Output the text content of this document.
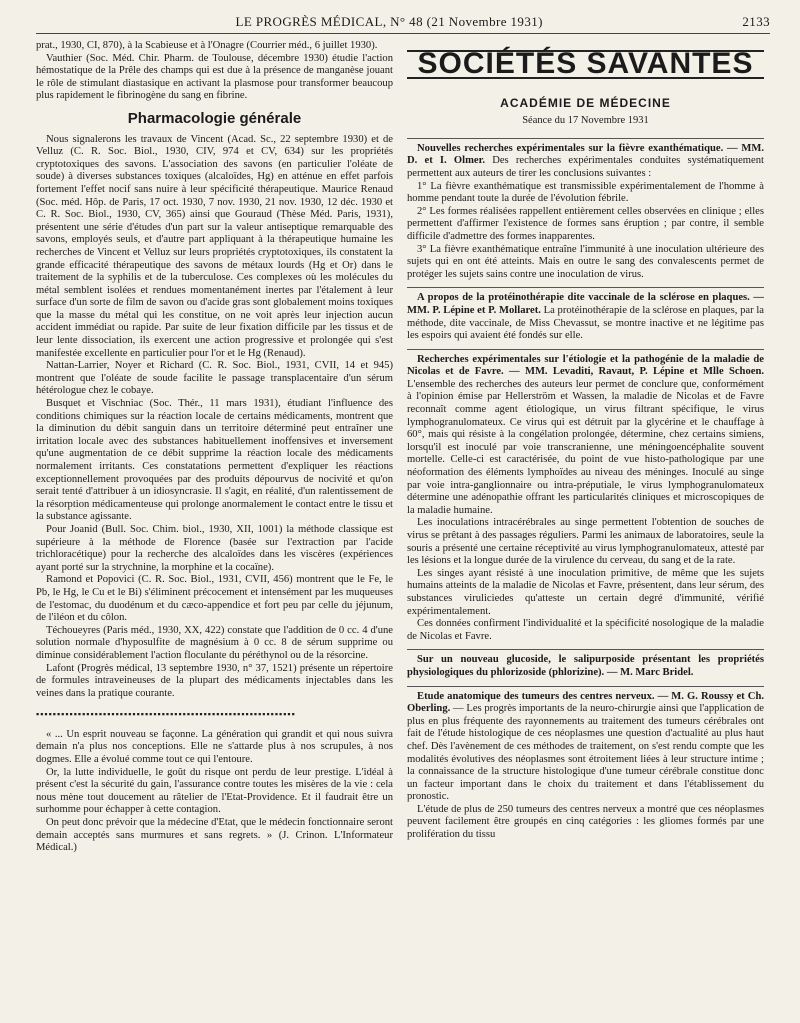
LE PROGRÈS MÉDICAL, N° 48 (21 Novembre 1931)	2133

prat., 1930, CI, 870), à la Scabieuse et à l'Onagre (Courrier méd., 6 juillet 1930).

Vauthier (Soc. Méd. Chir. Pharm. de Toulouse, décembre 1930) étudie l'action hémostatique de la Prêle des champs qui est due à la présence de manganèse jouant le rôle de stimulant diastasique en activant la plasmose pour transformer beaucoup plus rapidement le fibrinogène du sang en fibrine.

Pharmacologie générale

Nous signalerons les travaux de Vincent (Acad. Sc., 22 septembre 1930) et de Velluz (C. R. Soc. Biol., 1930, CIV, 974 et CV, 634) sur les propriétés cryptotoxiques des savons. L'association des savons (en particulier l'oléate de soude) à diverses substances toxiques (alcaloïdes, Hg) en atténue en effet parfois fortement l'effet nocif sans nuire à leur spécificité thérapeutique. Maurice Renaud (Soc. méd. Hôp. de Paris, 17 oct. 1930, 7 nov. 1930, 21 nov. 1930, 12 déc. 1930 et C. R. Soc. Biol., 1930, CV, 365) ainsi que Gouraud (Thèse Méd. Paris, 1931), présentent une série d'études d'un part sur la valeur antiseptique remarquable des savons, employés seuls, et d'autre part appliquant à la thérapeutique humaine les recherches de Vincent et Velluz sur leurs propriétés cryptotoxiques, ils constatent la grande efficacité thérapeutique des savons de métaux lourds (Hg et Or) dans le traitement de la syphilis et de la tuberculose. Ces complexes où les molécules du métal semblent isolées et rendues momentanément inertes par l'étalement à leur surface d'un sorte de film de savon ou d'acide gras sont globalement moins toxiques que la masse du métal qui les constitue, on ne voit après leur injection aucun accident immédiat ou rapide. Par suite de leur fixation difficile par les tissus et de leur lente dissociation, ils exercent une action progressive et prolongée qui s'est manifestée excellente en particulier pour l'or et le Hg (Renaud).

Nattan-Larrier, Noyer et Richard (C. R. Soc. Biol., 1931, CVII, 14 et 945) montrent que l'oléate de soude facilite le passage transplacentaire d'un sérum hétérologue chez le cobaye.

Busquet et Vischniac (Soc. Thér., 11 mars 1931), étudiant l'influence des conditions chimiques sur la réaction locale de certains médicaments, montrent que la diminution du débit sanguin dans un territoire déterminé peut entraîner une irritation locale avec des substances habituellement inoffensives et inversement qu'une augmentation de ce débit supprime la réaction locale des médicaments normalement irritants. Ces constatations permettent d'expliquer les réactions exceptionnellement provoquées par des produits dépourvus de nocivité et qu'on serait tenté d'attribuer à un idiosyncrasie. Il s'agit, en réalité, d'un ralentissement de la résorption médicamenteuse qui prolonge anormalement le contact entre le tissu et la substance agissante.

Pour Joanid (Bull. Soc. Chim. biol., 1930, XII, 1001) la méthode classique est supérieure à la méthode de Florence (basée sur l'extraction par l'acide trichloracétique) pour la recherche des alcaloïdes dans les viscères (expériences ayant porté sur la strychnine, la morphine et la cocaïne).

Ramond et Popovici (C. R. Soc. Biol., 1931, CVII, 456) montrent que le Fe, le Pb, le Hg, le Cu et le Bi) s'éliminent précocement et intensément par les muqueuses de l'estomac, du duodénum et du cæco-appendice et fort peu par celle du jéjunum, de l'iléon et du côlon.

Téchoueyres (Paris méd., 1930, XX, 422) constate que l'addition de 0 cc. 4 d'une solution normale d'hyposulfite de magnésium à 0 cc. 8 de sérum supprime ou diminue considérablement l'action floculante du péréthynol ou de la résorcine.

Lafont (Progrès médical, 13 septembre 1930, n° 37, 1521) présente un répertoire de formules intraveineuses de la plupart des médicaments injectables dans les veines dans la pratique courante.

▪▪▪▪▪▪▪▪▪▪▪▪▪▪▪▪▪▪▪▪▪▪▪▪▪▪▪▪▪▪▪▪▪▪▪▪▪▪▪▪▪▪▪▪▪▪▪▪▪▪▪▪▪▪▪▪▪▪▪▪▪▪

« ... Un esprit nouveau se façonne. La génération qui grandit et qui nous suivra demain n'a plus nos conceptions. Elle ne s'attarde plus à nos scrupules, à nos dogmes. Elle a évolué comme tout ce qui l'entoure.

Or, la lutte individuelle, le goût du risque ont perdu de leur prestige. L'idéal à présent c'est la sécurité du gain, l'assurance contre toutes les misères de la vie : cela nous mène tout doucement au râtelier de l'Etat-Providence. Et il faudrait être un surhomme pour échapper à cette contagion.

On peut donc prévoir que la médecine d'Etat, que le médecin fonctionnaire seront demain acceptés sans murmures et sans regrets. » (J. Crinon. L'Informateur Médical.)

SOCIÉTÉS SAVANTES
ACADÉMIE DE MÉDECINE
Séance du 17 Novembre 1931

Nouvelles recherches expérimentales sur la fièvre exanthématique. — MM. D. et I. Olmer. Des recherches expérimentales conduites systématiquement permettent aux auteurs de tirer les conclusions suivantes :

1° La fièvre exanthématique est transmissible expérimentalement de l'homme à homme pendant toute la durée de l'évolution fébrile.

2° Les formes réalisées rappellent entièrement celles observées en clinique ; elles permettent d'affirmer l'existence de formes sans éruption ; par contre, il semble difficile d'admettre des formes inapparentes.

3° La fièvre exanthématique entraîne l'immunité à une inoculation ultérieure des sujets qui en ont été atteints. Mais en outre le sang des convalescents permet de protéger les sujets sains contre une inoculation de virus.

A propos de la protéinothérapie dite vaccinale de la sclérose en plaques. — MM. P. Lépine et P. Mollaret. La protéinothérapie de la sclérose en plaques, par la méthode, dite vaccinale, de Miss Chevassut, se montre inactive et ne légitime pas les espoirs qui avaient été fondés sur elle.

Recherches expérimentales sur l'étiologie et la pathogénie de la maladie de Nicolas et de Favre. — MM. Levaditi, Ravaut, P. Lépine et Mlle Schoen. L'ensemble des recherches des auteurs leur permet de conclure que, conformément à l'opinion émise par Hellerström et Wassen, la maladie de Nicolas et de Favre reconnaît comme agent étiologique, un virus filtrant spécifique, le virus lymphogranulomateux. Ce virus qui est détruit par la glycérine et le chauffage à 60°, mais qui résiste à la congélation prolongée, détermine, chez certains simiens, lorsqu'il est inoculé par voie transcranienne, une méningoencéphalite souvent mortelle. Celle-ci est caractérisée, du point de vue histo-pathologique par une néoformation des éléments lymphoïdes au niveau des méninges. Inoculé au singe par voie intra-ganglionnaire ou intra-préputiale, le virus lymphogranulomateux détermine une adénopathie offrant les particularités cliniques et microscopiques de la maladie humaine.

Les inoculations intracérébrales au singe permettent l'obtention de souches de virus se prêtant à des passages réguliers. Parmi les animaux de laboratoires, seule la souris a présenté une certaine réceptivité au virus lymphogranulomateux, attesté par les lésions et la longue durée de la virulence du cerveau, du sang et de la rate.

Les singes ayant résisté à une inoculation primitive, de même que les sujets humains atteints de la maladie de Nicolas et Favre, présentent, dans leur sérum, des substances viruliciedes qu'atteste un certain degré d'immunité, vérifié expérimentalement.

Ces données confirment l'individualité et la spécificité nosologique de la maladie de Nicolas et Favre.

Sur un nouveau glucoside, le salipurposide présentant les propriétés physiologiques du phlorizoside (phlorizine). — M. Marc Bridel.

Etude anatomique des tumeurs des centres nerveux. — M. G. Roussy et Ch. Oberling. — Les progrès importants de la neuro-chirurgie ainsi que l'application de plus en plus fréquente des rayonnements au traitement des tumeurs cérébrales ont fait de l'étude histologique de ces néoplasmes une question d'actualité au plus haut chef. Dès l'avènement de ces méthodes de traitement, on s'est rendu compte que les modalités évolutives des néoplasmes sont étroitement liées à leur structure intime ; la connaissance de la structure histologique d'une tumeur cérébrale constitue donc un facteur important dans le choix du traitement et dans l'établissement du pronostic.

L'étude de plus de 250 tumeurs des centres nerveux a montré que ces néoplasmes peuvent facilement être groupés en cinq catégories : les gliomes formés par une prolifération du tissu
